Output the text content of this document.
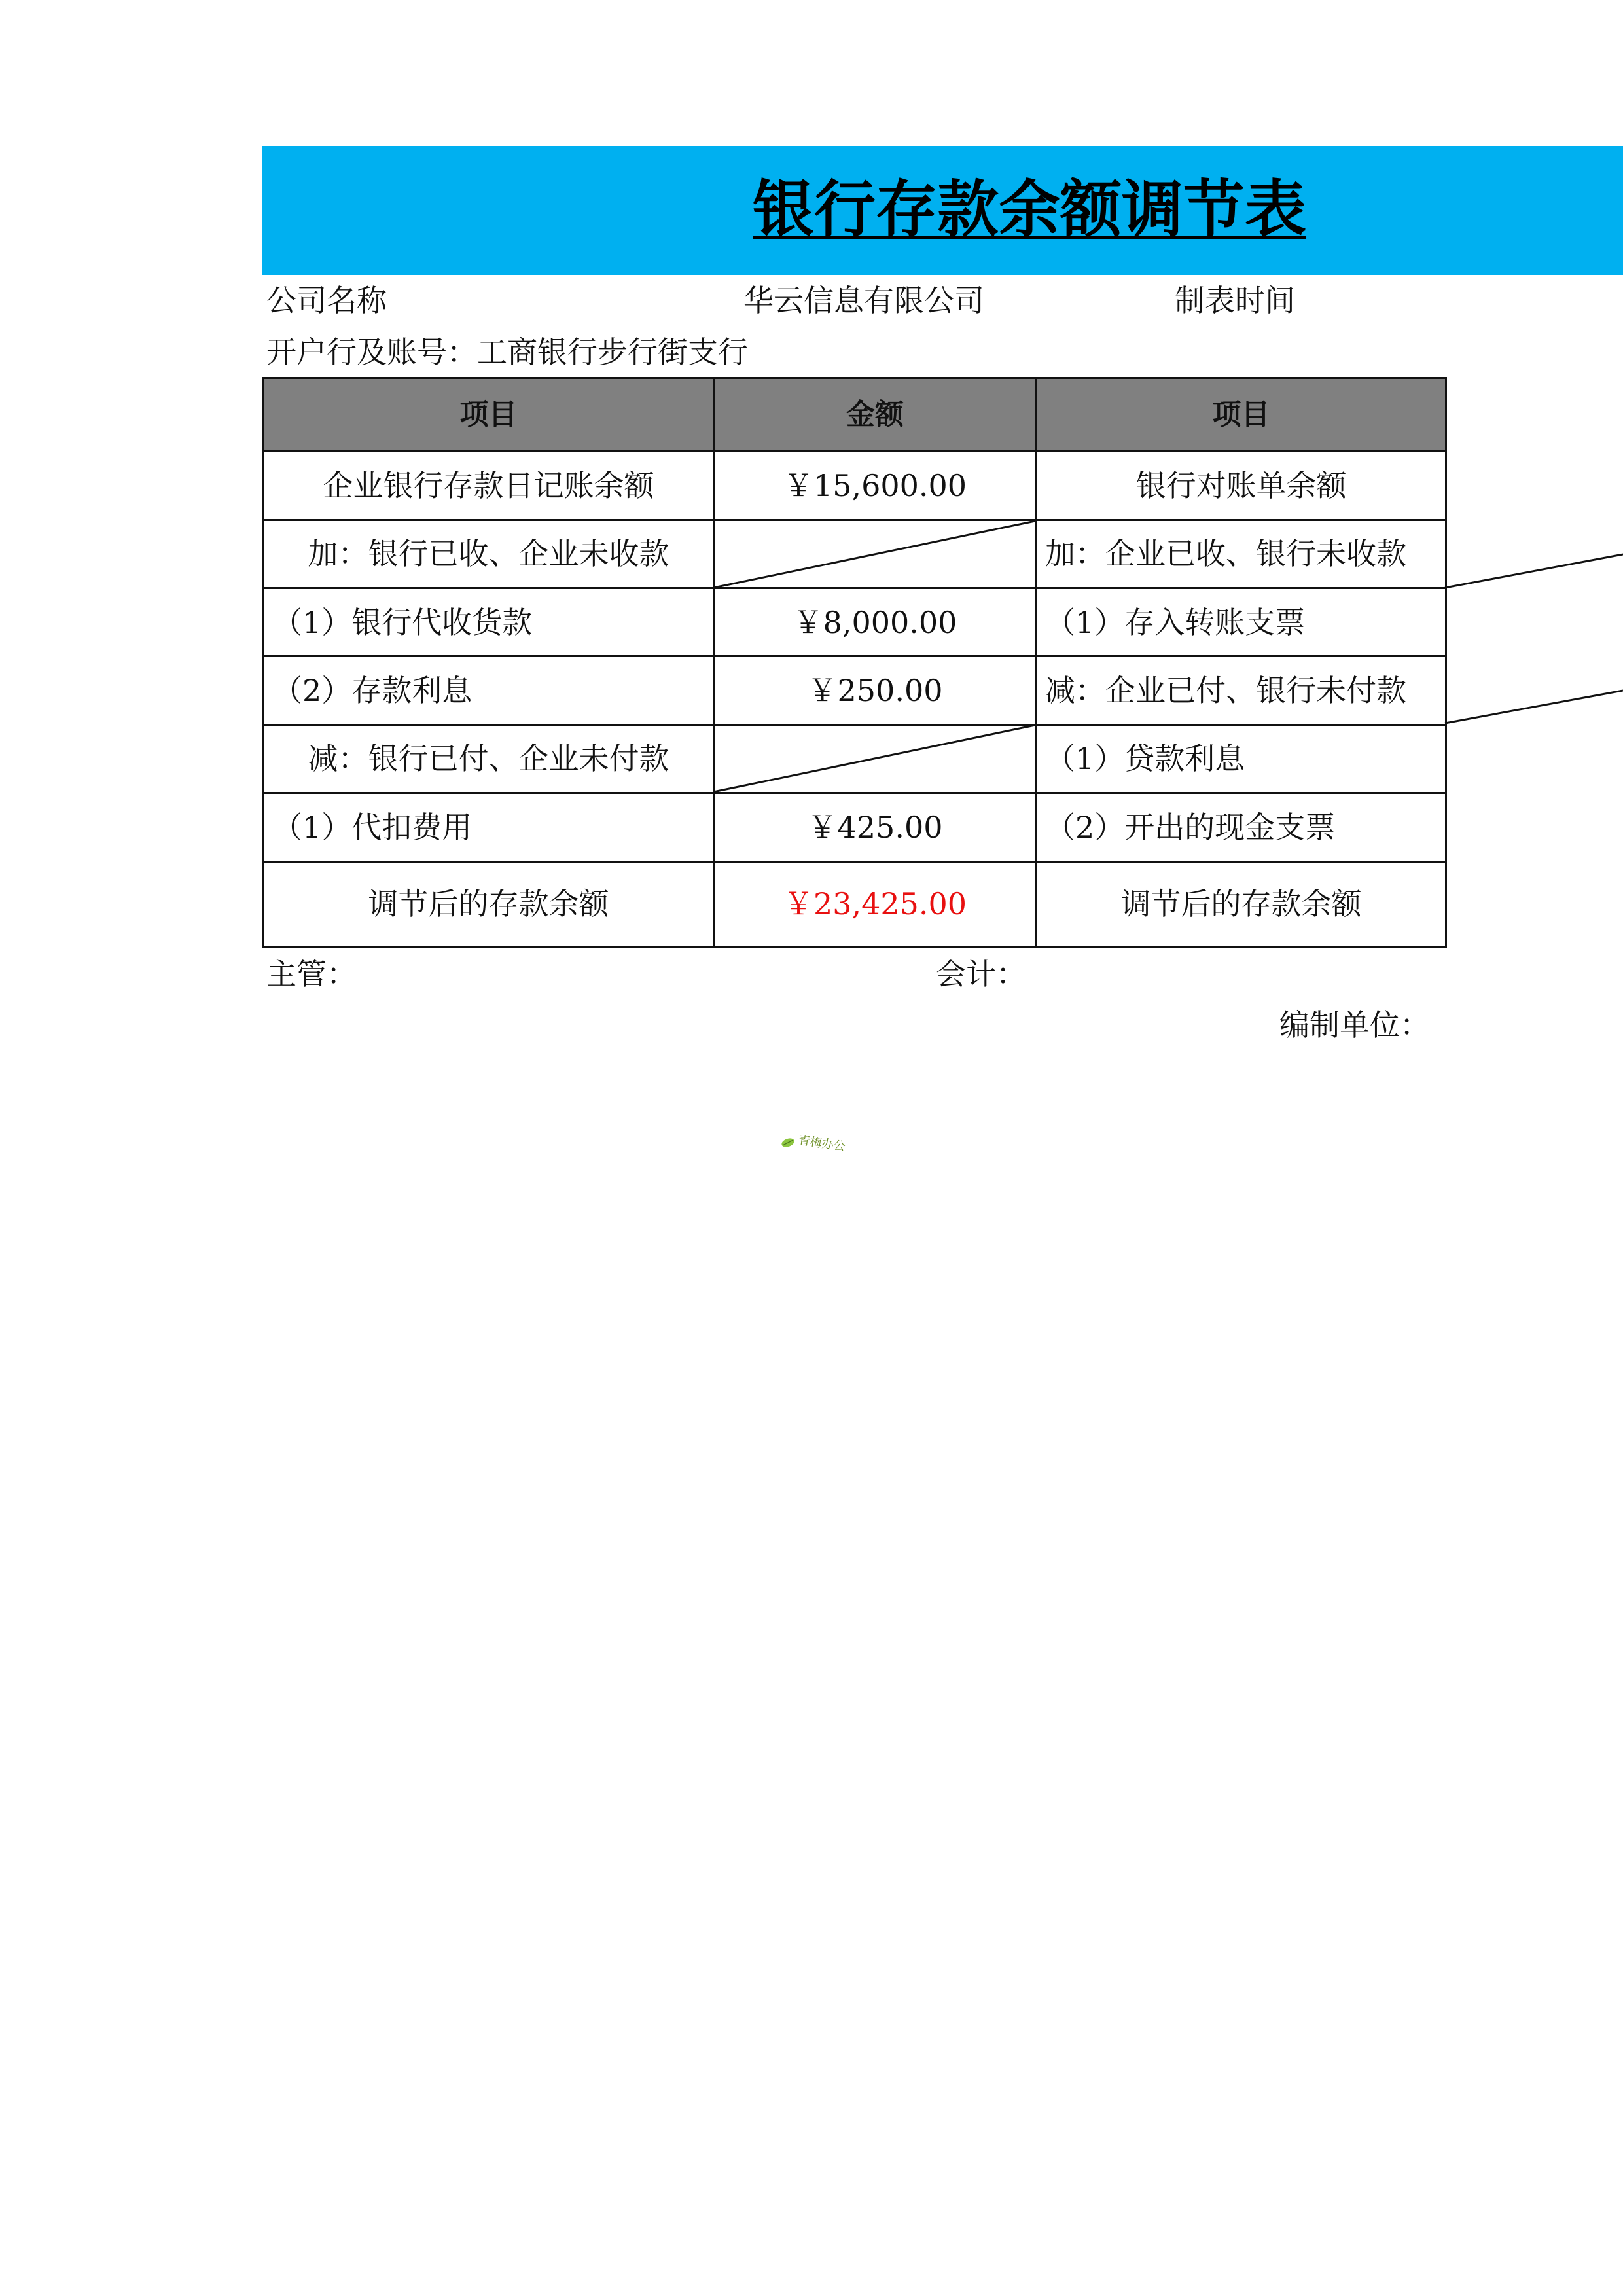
银行存款余额调节表
公司名称	华云信息有限公司	制表时间
开户行及账号：工商银行步行街支行
项目	金额	项目
企业银行存款日记账余额	￥15,600.00	银行对账单余额
加：银行已收、企业未收款		加：企业已收、银行未收款
（1）银行代收货款	￥8,000.00	（1）存入转账支票
（2）存款利息	￥250.00	减：企业已付、银行未付款
减：银行已付、企业未付款		（1）贷款利息
（1）代扣费用	￥425.00	（2）开出的现金支票
调节后的存款余额	￥23,425.00	调节后的存款余额
主管：	会计：
编制单位：
青梅办公
